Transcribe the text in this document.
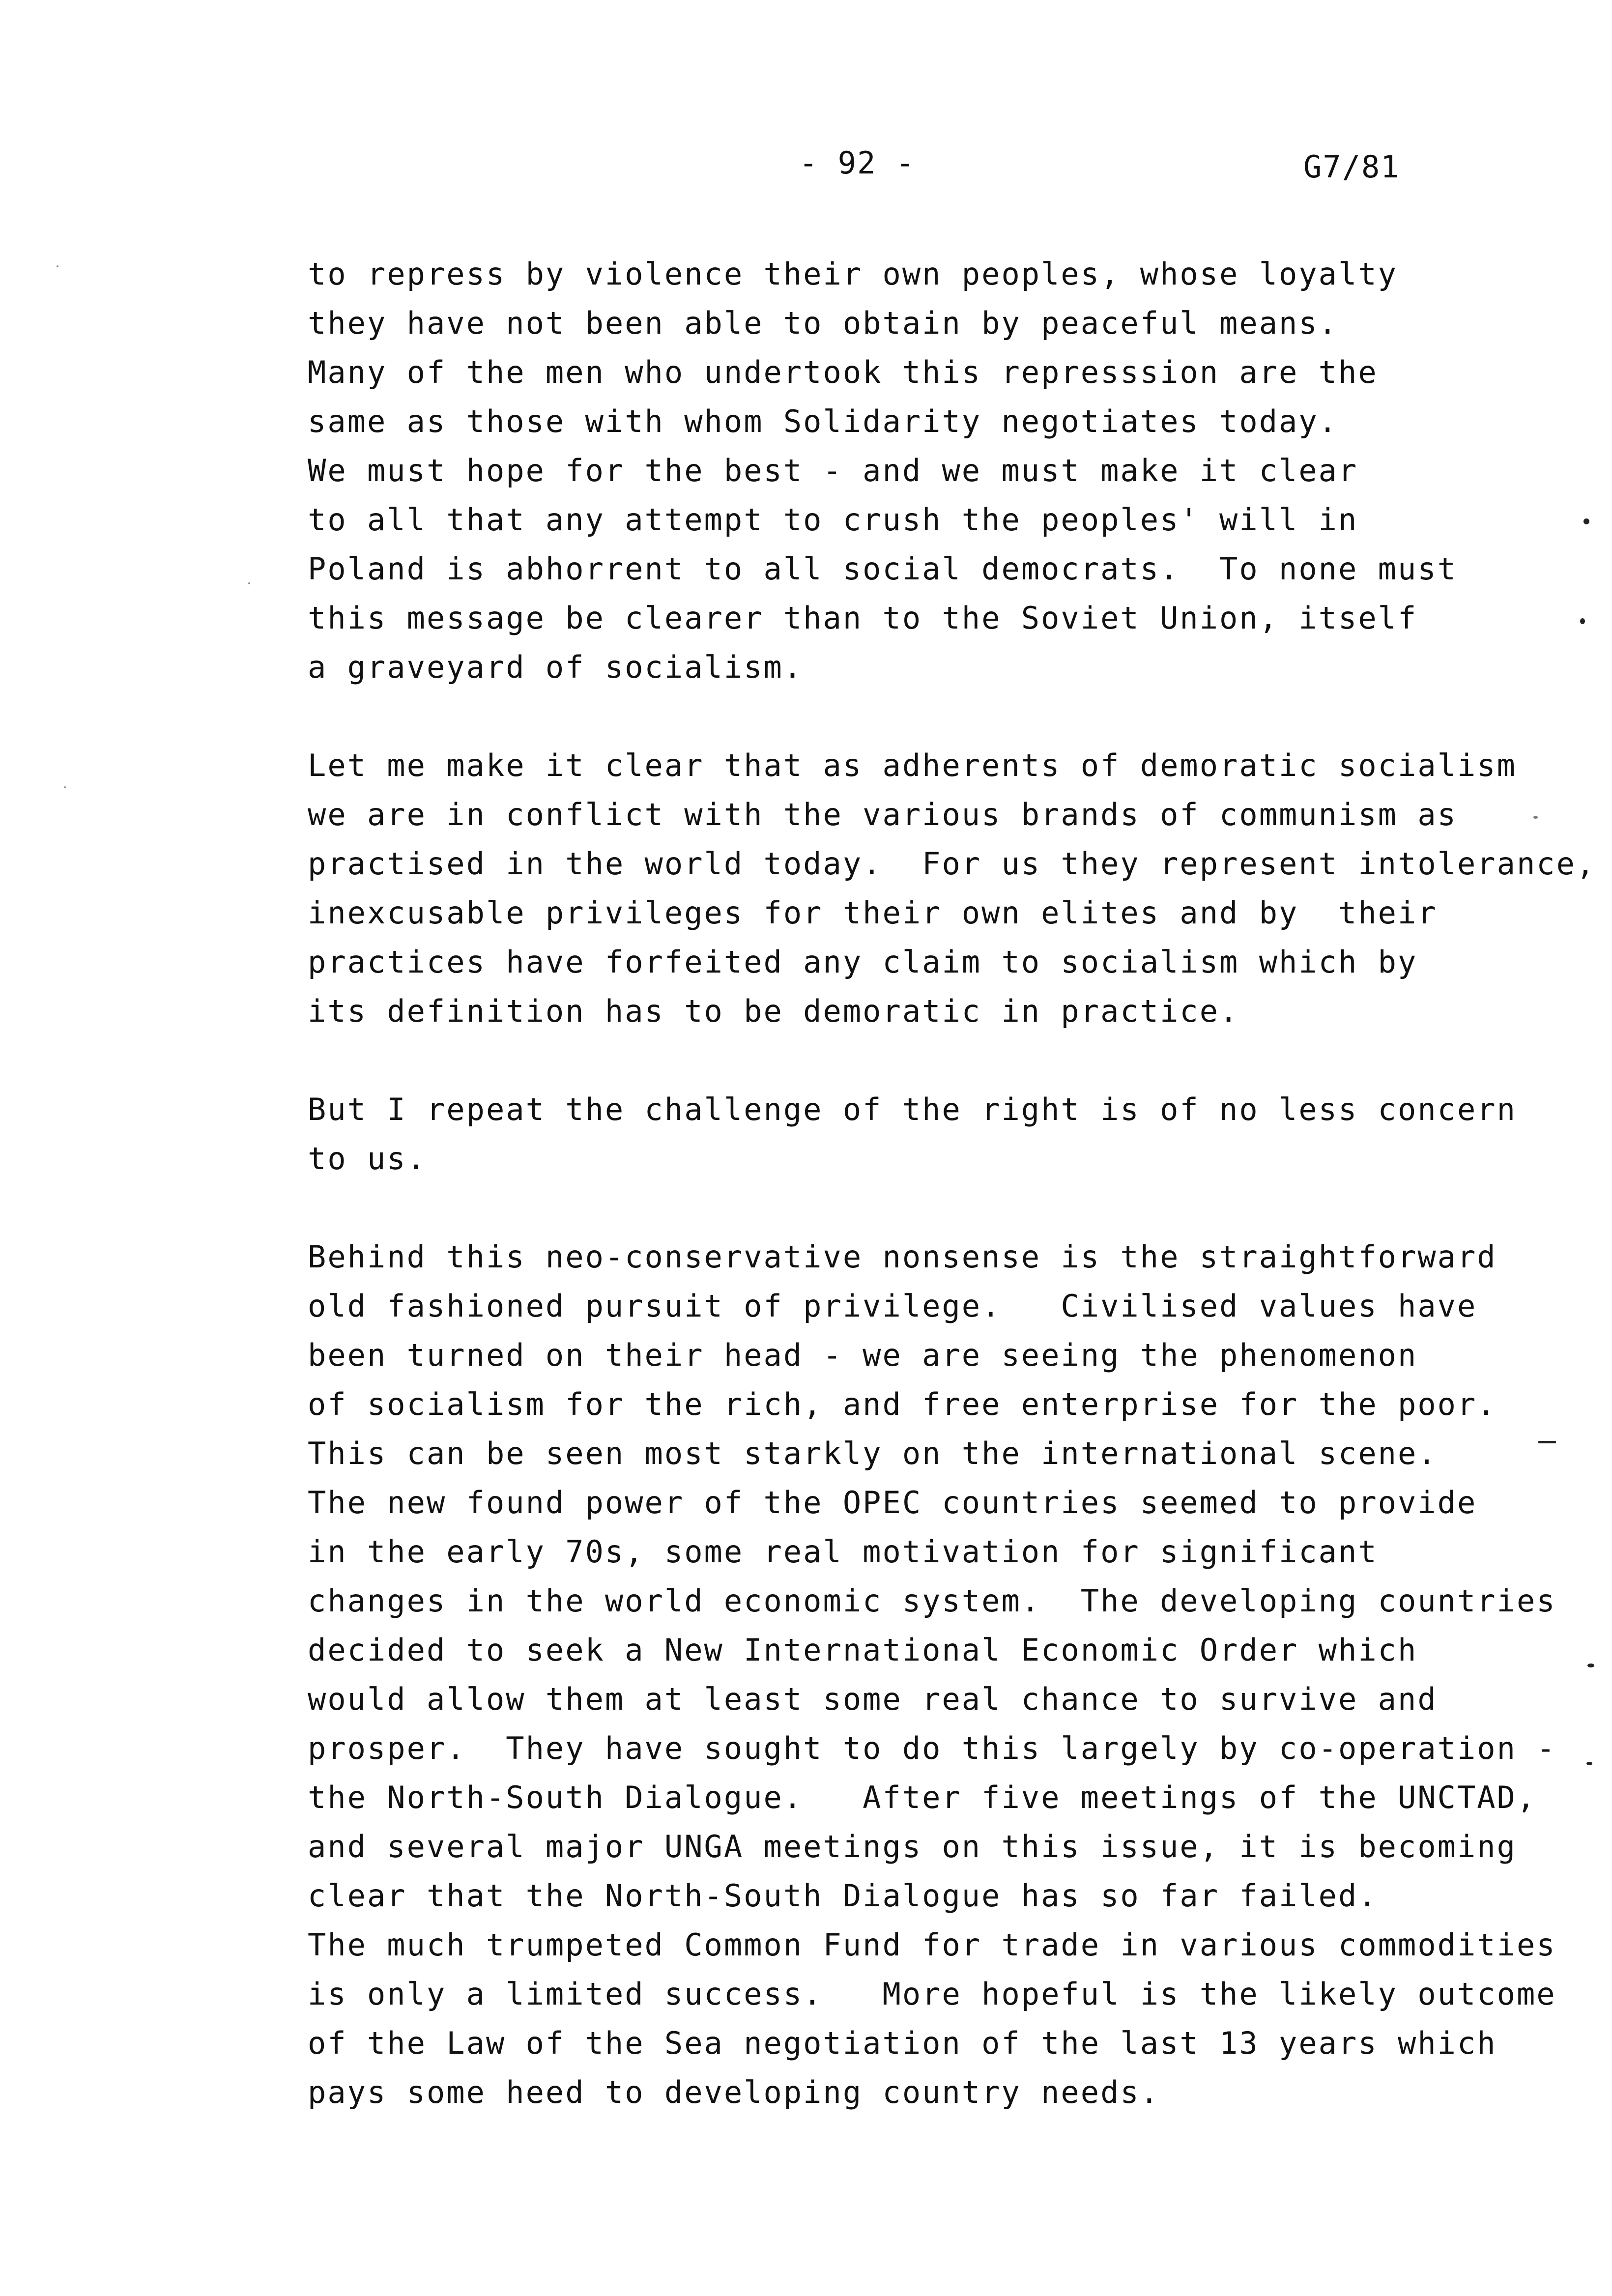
- 92 -	G7/81
to repress by violence their own peoples, whose loyalty
they have not been able to obtain by peaceful means.
Many of the men who undertook this represssion are the
same as those with whom Solidarity negotiates today.
We must hope for the best - and we must make it clear
to all that any attempt to crush the peoples' will in
Poland is abhorrent to all social democrats.  To none must
this message be clearer than to the Soviet Union, itself
a graveyard of socialism.
Let me make it clear that as adherents of demoratic socialism
we are in conflict with the various brands of communism as
practised in the world today.  For us they represent intolerance,
inexcusable privileges for their own elites and by  their
practices have forfeited any claim to socialism which by
its definition has to be demoratic in practice.
But I repeat the challenge of the right is of no less concern
to us.
Behind this neo-conservative nonsense is the straightforward
old fashioned pursuit of privilege.   Civilised values have
been turned on their head - we are seeing the phenomenon
of socialism for the rich, and free enterprise for the poor.
This can be seen most starkly on the international scene.
The new found power of the OPEC countries seemed to provide
in the early 70s, some real motivation for significant
changes in the world economic system.  The developing countries
decided to seek a New International Economic Order which
would allow them at least some real chance to survive and
prosper.  They have sought to do this largely by co-operation -
the North-South Dialogue.   After five meetings of the UNCTAD,
and several major UNGA meetings on this issue, it is becoming
clear that the North-South Dialogue has so far failed.
The much trumpeted Common Fund for trade in various commodities
is only a limited success.   More hopeful is the likely outcome
of the Law of the Sea negotiation of the last 13 years which
pays some heed to developing country needs.
